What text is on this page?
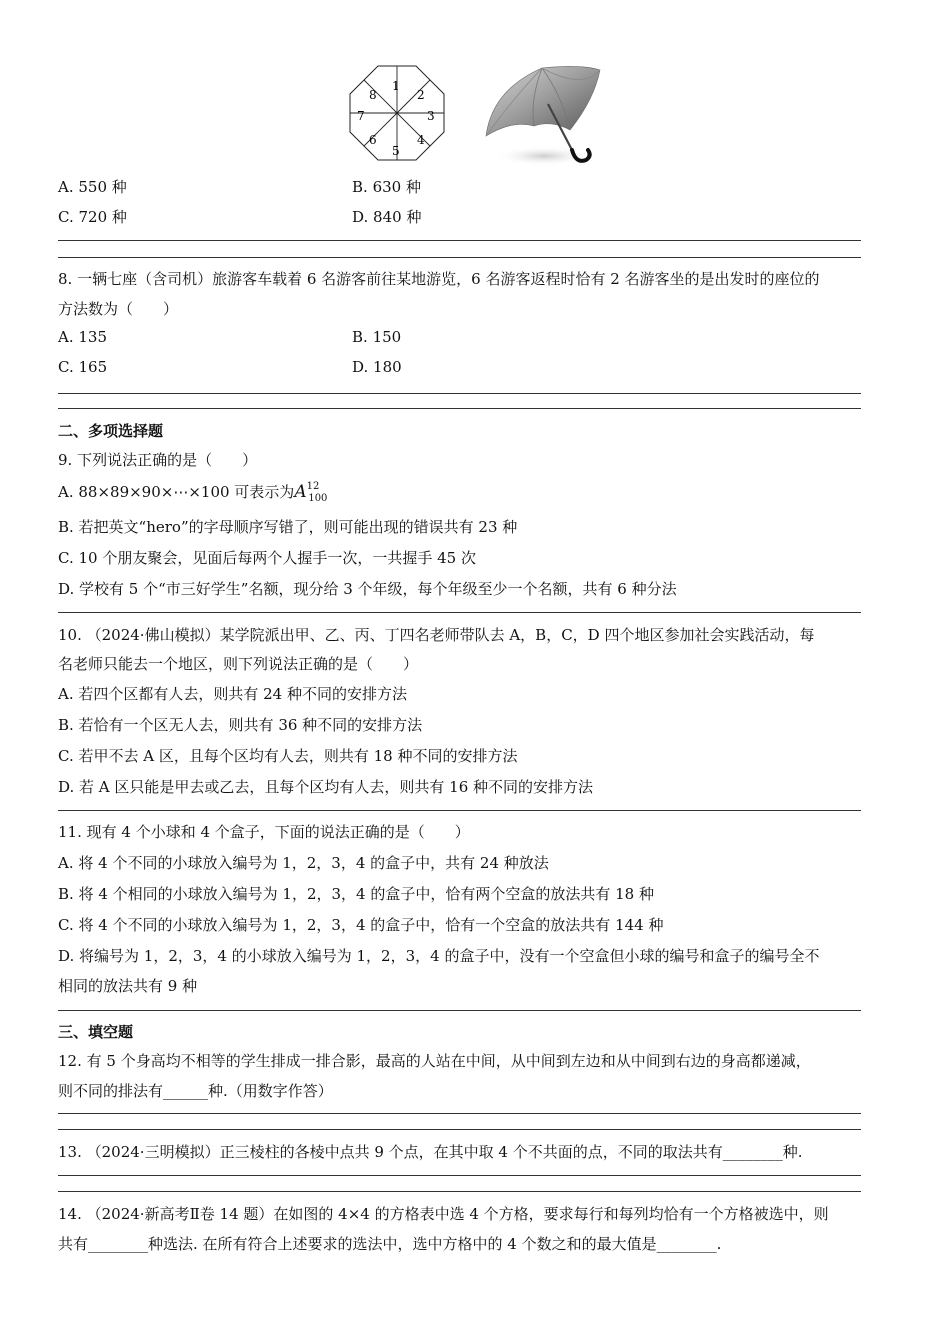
1
2
3
4
5
6
7
8
A. 550 种	B. 630 种
C. 720 种	D. 840 种
8. 一辆七座（含司机）旅游客车载着 6 名游客前往某地游览，6 名游客返程时恰有 2 名游客坐的是出发时的座位的
方法数为（　　）
A. 135	B. 150
C. 165	D. 180
二、多项选择题
9. 下列说法正确的是（　　）
A. 88×89×90×⋯×100 可表示为$A^{12}_{100}$
B. 若把英文“hero”的字母顺序写错了，则可能出现的错误共有 23 种
C. 10 个朋友聚会，见面后每两个人握手一次，一共握手 45 次
D. 学校有 5 个“市三好学生”名额，现分给 3 个年级，每个年级至少一个名额，共有 6 种分法
10. （2024·佛山模拟）某学院派出甲、乙、丙、丁四名老师带队去 A，B，C，D 四个地区参加社会实践活动，每
名老师只能去一个地区，则下列说法正确的是（　　）
A. 若四个区都有人去，则共有 24 种不同的安排方法
B. 若恰有一个区无人去，则共有 36 种不同的安排方法
C. 若甲不去 A 区，且每个区均有人去，则共有 18 种不同的安排方法
D. 若 A 区只能是甲去或乙去，且每个区均有人去，则共有 16 种不同的安排方法
11. 现有 4 个小球和 4 个盒子，下面的说法正确的是（　　）
A. 将 4 个不同的小球放入编号为 1，2，3，4 的盒子中，共有 24 种放法
B. 将 4 个相同的小球放入编号为 1，2，3，4 的盒子中，恰有两个空盒的放法共有 18 种
C. 将 4 个不同的小球放入编号为 1，2，3，4 的盒子中，恰有一个空盒的放法共有 144 种
D. 将编号为 1，2，3，4 的小球放入编号为 1，2，3，4 的盒子中，没有一个空盒但小球的编号和盒子的编号全不
相同的放法共有 9 种
三、填空题
12. 有 5 个身高均不相等的学生排成一排合影，最高的人站在中间，从中间到左边和从中间到右边的身高都递减，
则不同的排法有______种.（用数字作答）
13. （2024·三明模拟）正三棱柱的各棱中点共 9 个点，在其中取 4 个不共面的点，不同的取法共有________种.
14. （2024·新高考Ⅱ卷 14 题）在如图的 4×4 的方格表中选 4 个方格，要求每行和每列均恰有一个方格被选中，则
共有________种选法. 在所有符合上述要求的选法中，选中方格中的 4 个数之和的最大值是________.
